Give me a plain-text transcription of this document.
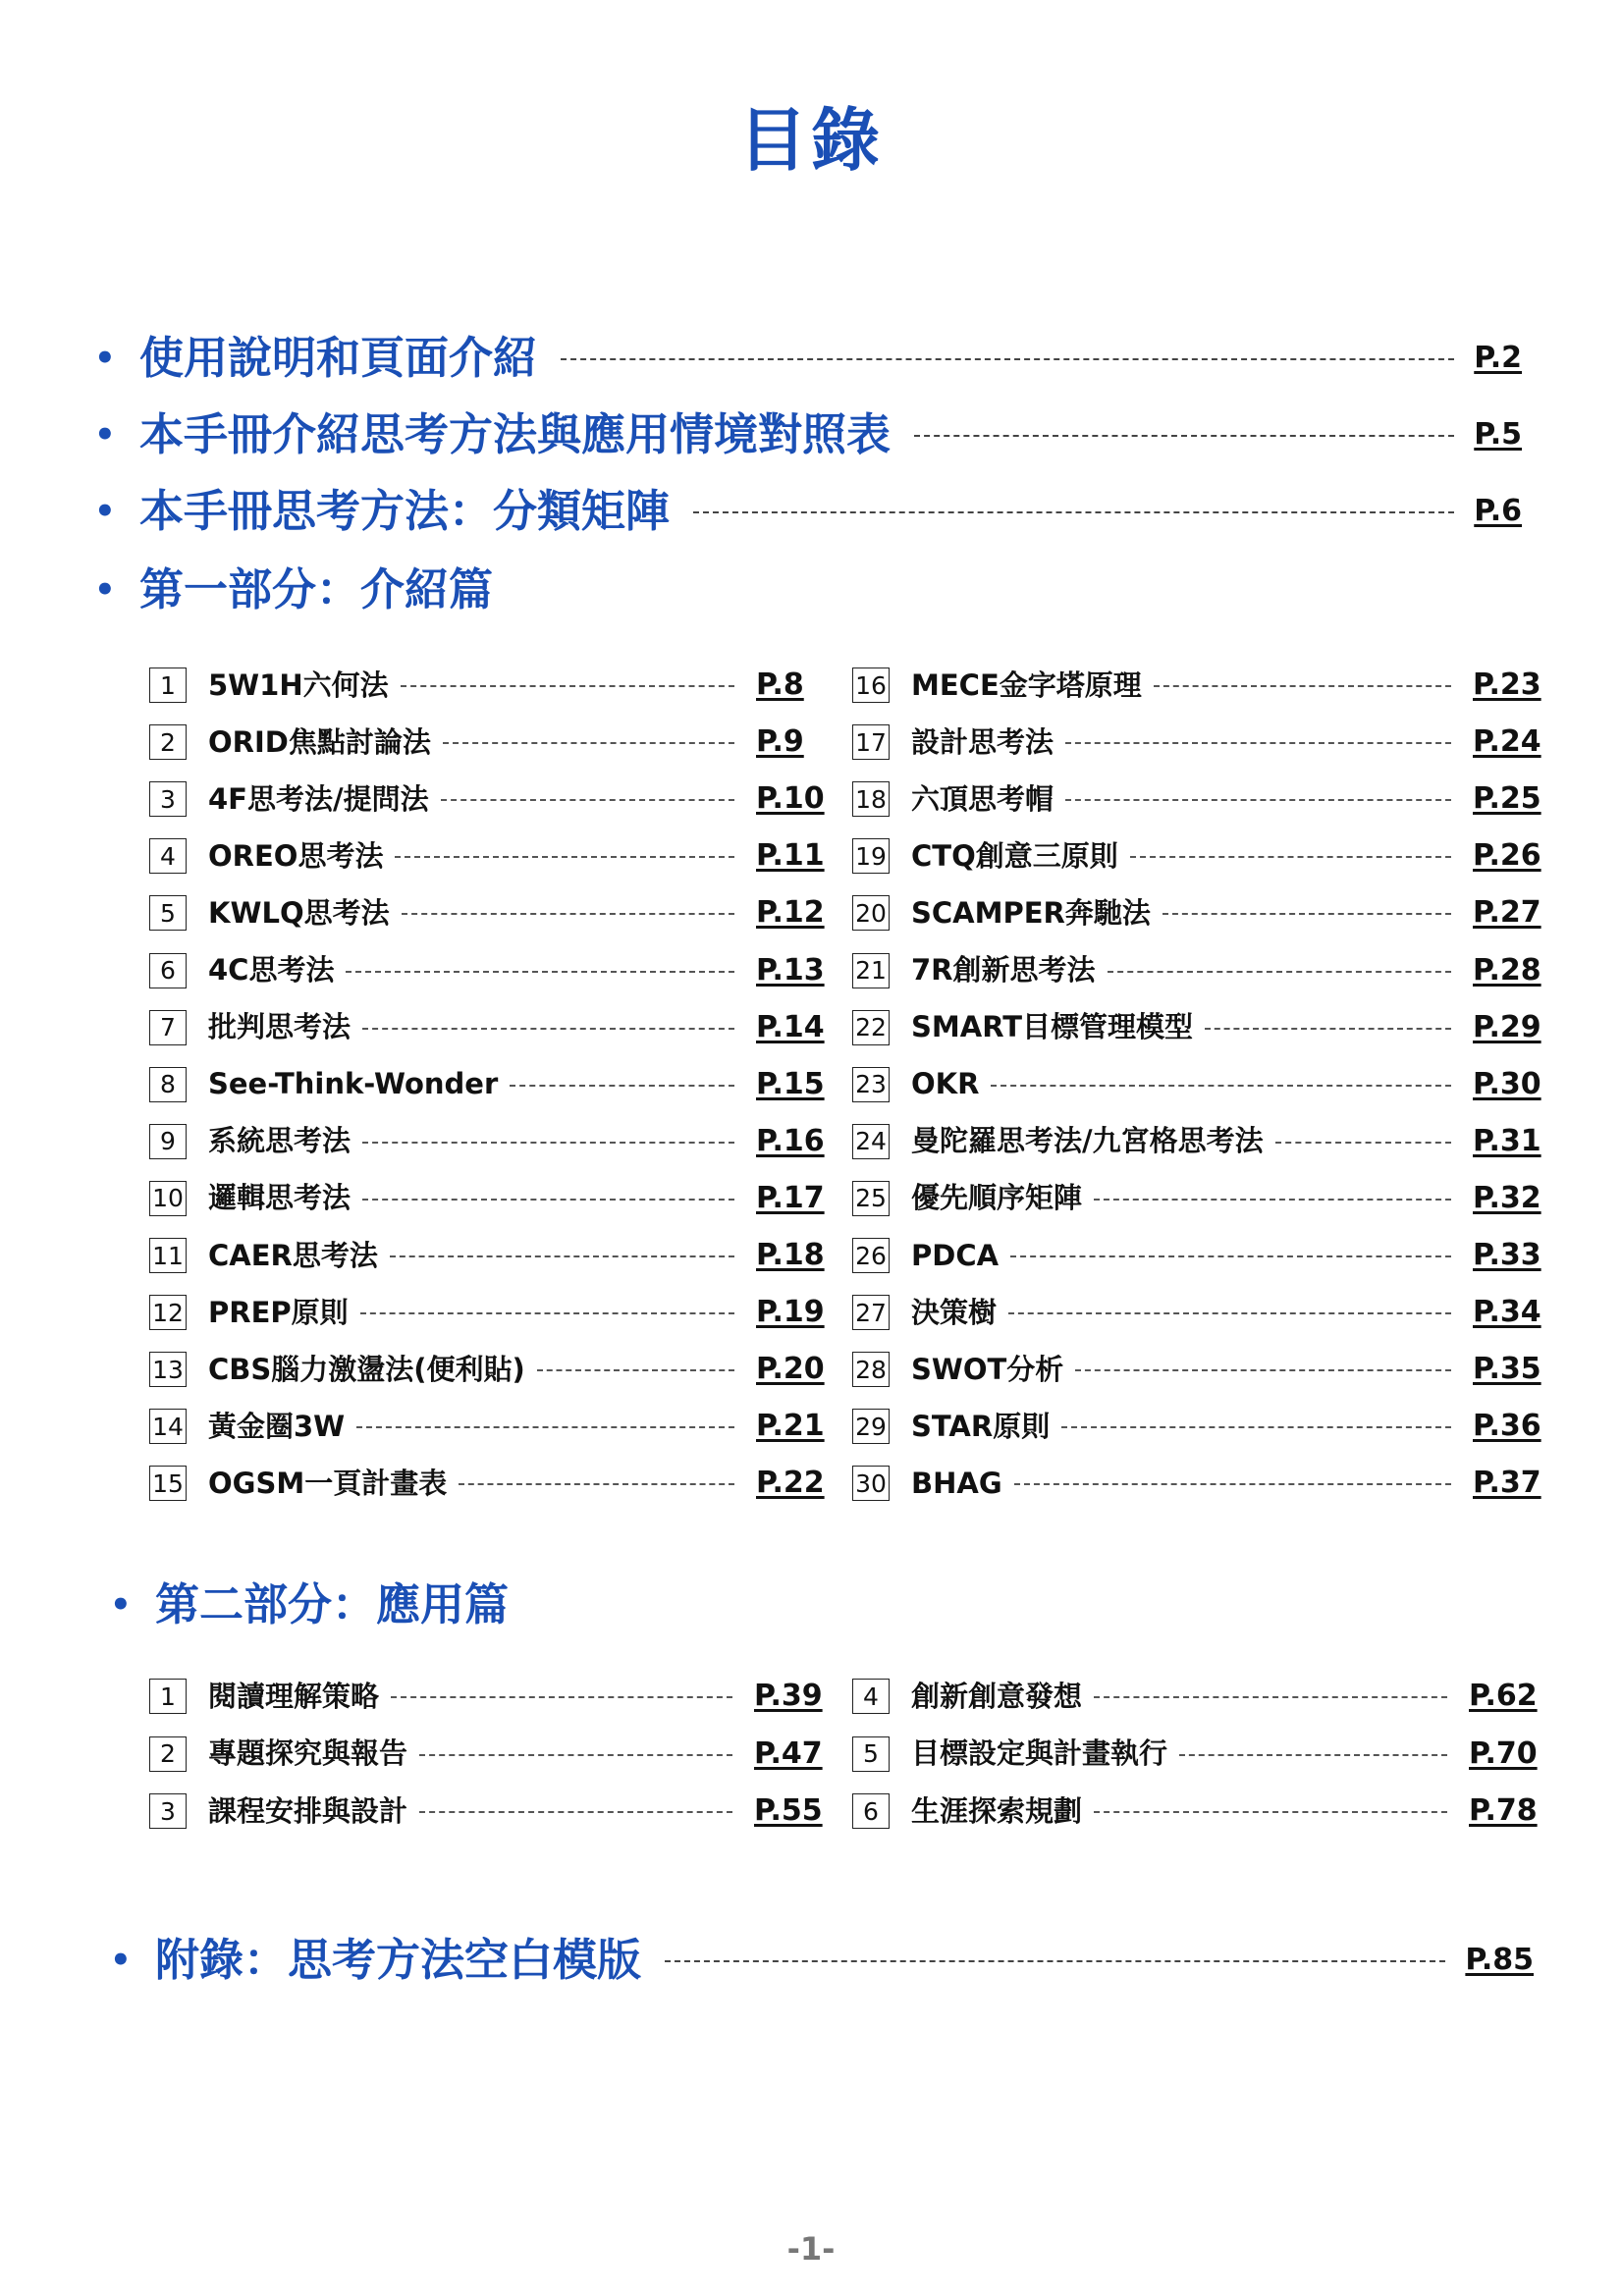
目錄
• 使用說明和頁面介紹	P.2
• 本手冊介紹思考方法與應用情境對照表	P.5
• 本手冊思考方法：分類矩陣	P.6
• 第一部分：介紹篇
1	5W1H六何法	P.8
2	ORID焦點討論法	P.9
3	4F思考法/提問法	P.10
4	OREO思考法	P.11
5	KWLQ思考法	P.12
6	4C思考法	P.13
7	批判思考法	P.14
8	See-Think-Wonder	P.15
9	系統思考法	P.16
10 邏輯思考法	P.17
11 CAER思考法	P.18
12 PREP原則	P.19
13 CBS腦力激盪法(便利貼)	P.20
14 黃金圈3W	P.21
15 OGSM一頁計畫表	P.22
16 MECE金字塔原理	P.23
17 設計思考法	P.24
18 六頂思考帽	P.25
19 CTQ創意三原則	P.26
20 SCAMPER奔馳法	P.27
21 7R創新思考法	P.28
22 SMART目標管理模型	P.29
23 OKR	P.30
24 曼陀羅思考法/九宮格思考法	P.31
25 優先順序矩陣	P.32
26 PDCA	P.33
27 決策樹	P.34
28 SWOT分析	P.35
29 STAR原則	P.36
30 BHAG	P.37
• 第二部分：應用篇
1	閱讀理解策略	P.39
2	專題探究與報告	P.47
3	課程安排與設計	P.55
4	創新創意發想	P.62
5	目標設定與計畫執行	P.70
6	生涯探索規劃	P.78
• 附錄：思考方法空白模版	P.85
-1-
